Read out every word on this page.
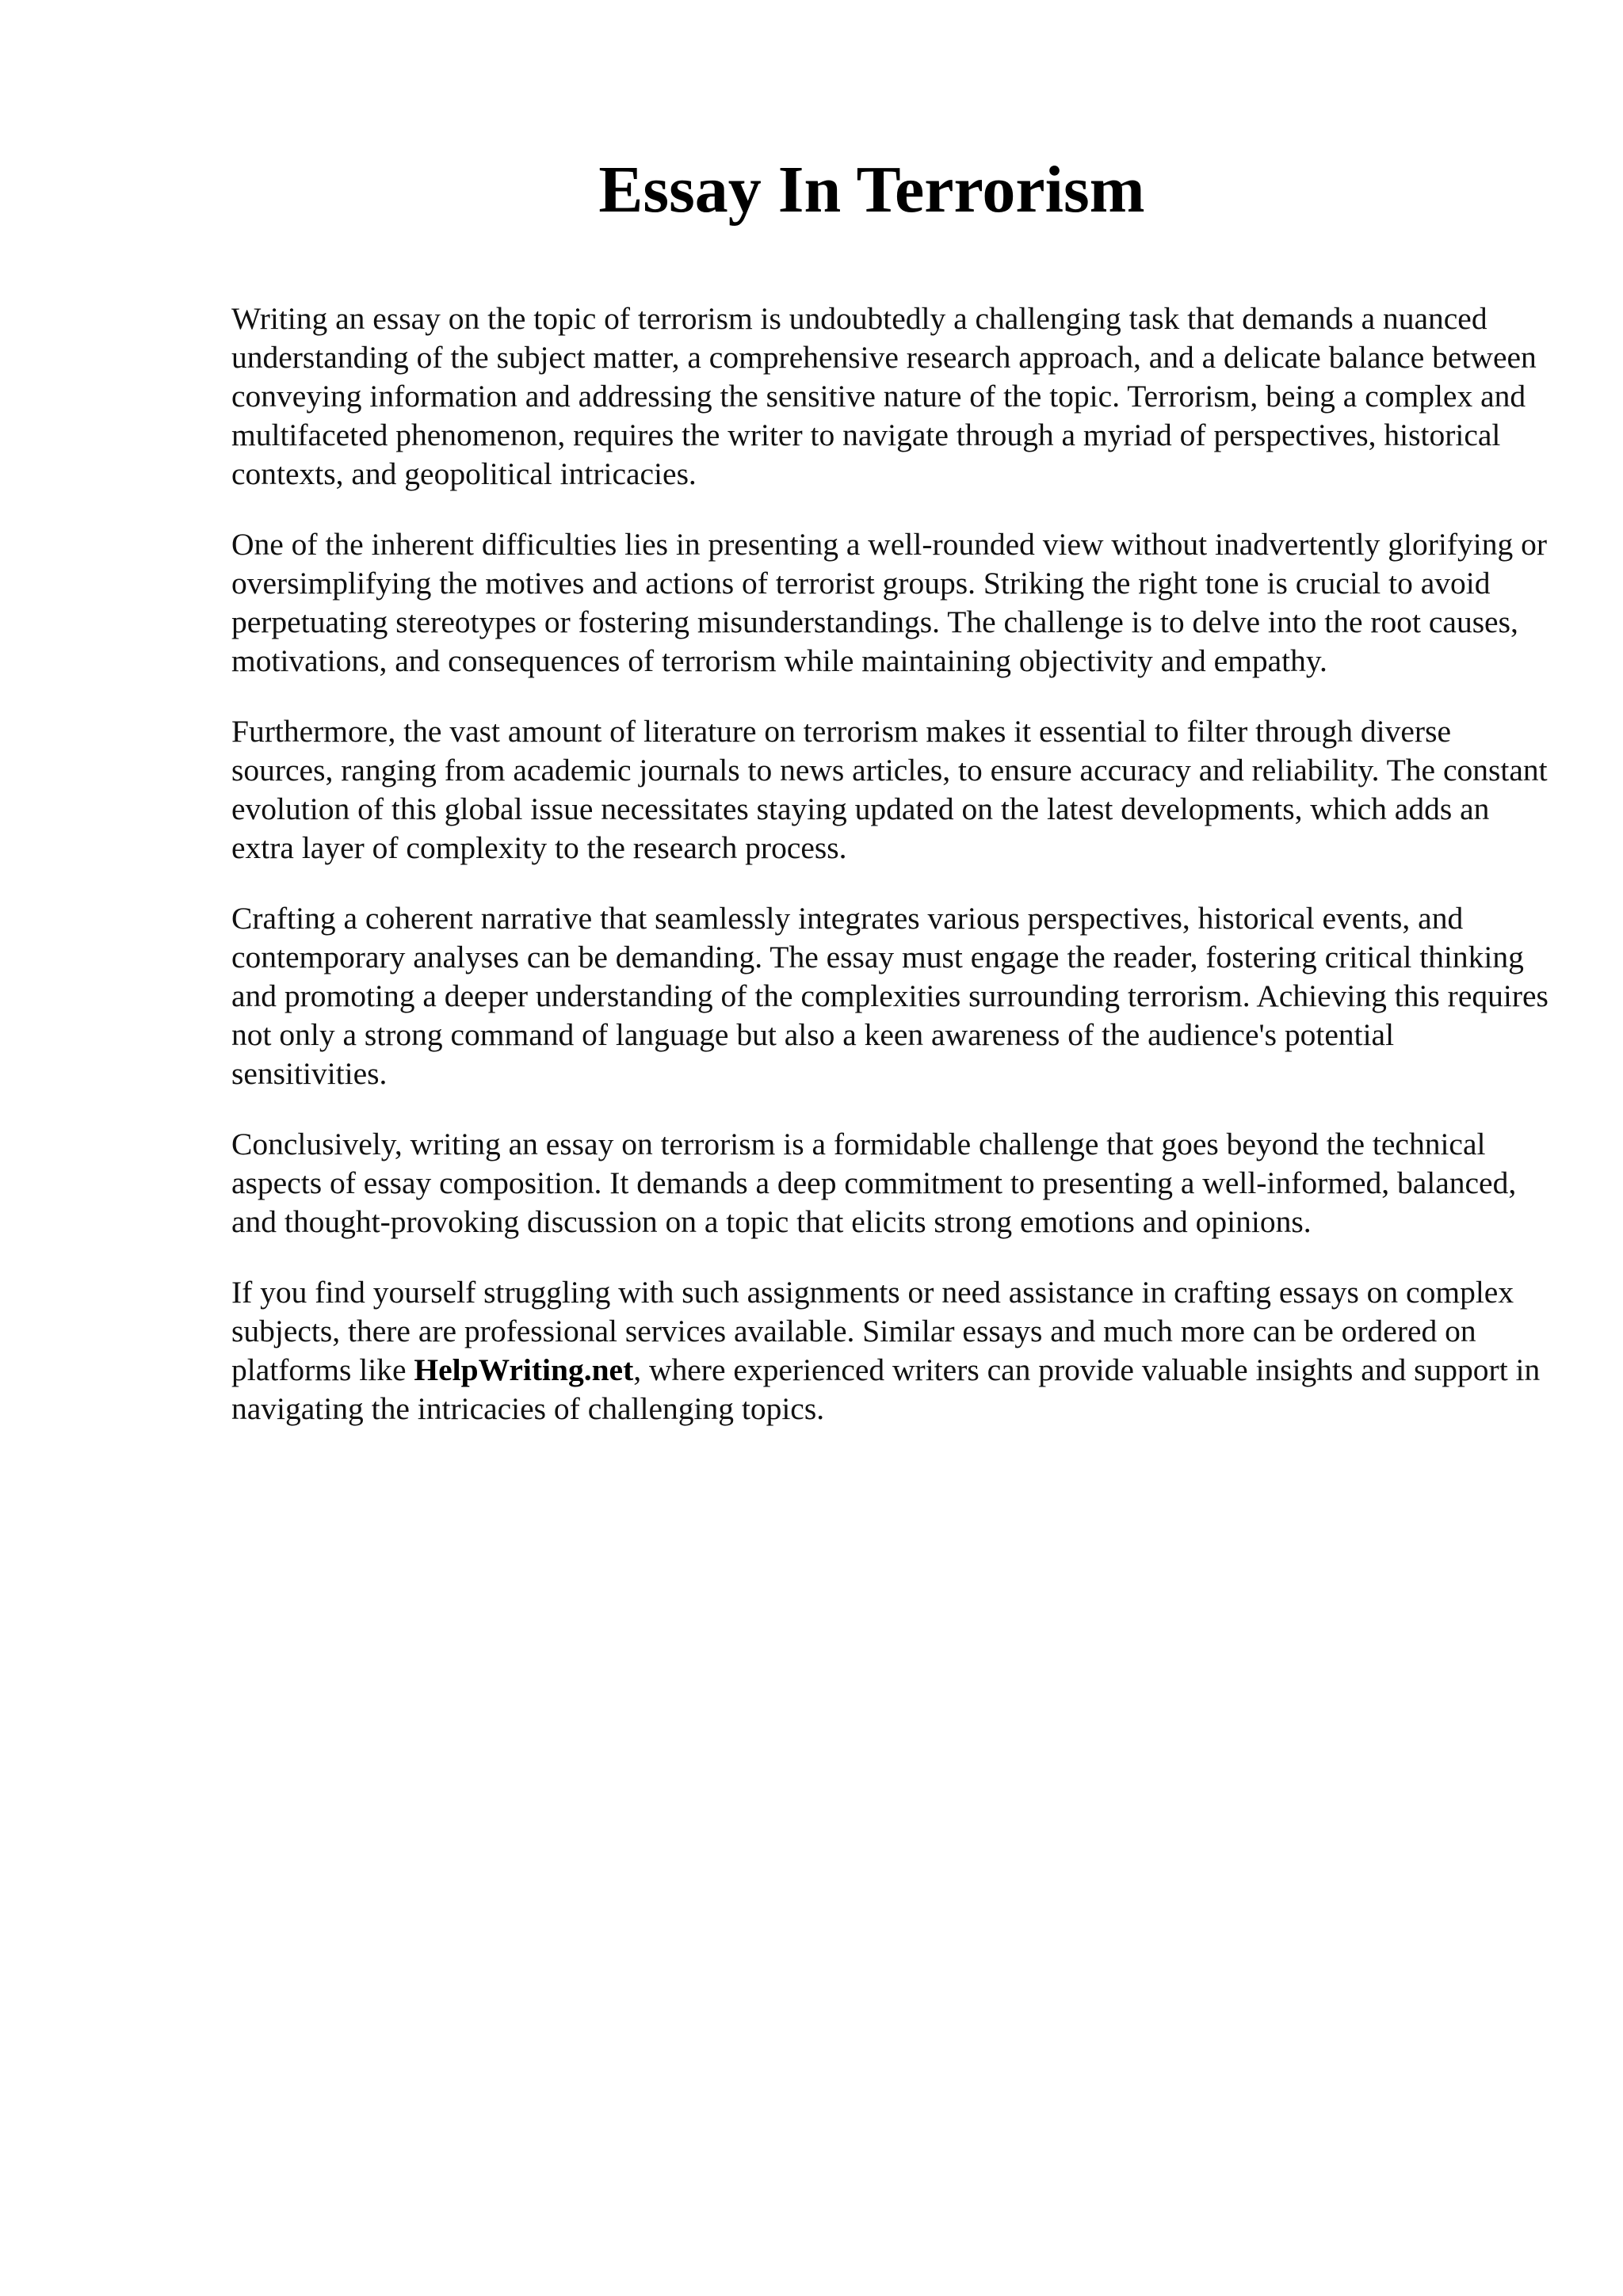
Essay In Terrorism

Writing an essay on the topic of terrorism is undoubtedly a challenging task that demands a nuanced understanding of the subject matter, a comprehensive research approach, and a delicate balance between conveying information and addressing the sensitive nature of the topic. Terrorism, being a complex and multifaceted phenomenon, requires the writer to navigate through a myriad of perspectives, historical contexts, and geopolitical intricacies.

One of the inherent difficulties lies in presenting a well-rounded view without inadvertently glorifying or oversimplifying the motives and actions of terrorist groups. Striking the right tone is crucial to avoid perpetuating stereotypes or fostering misunderstandings. The challenge is to delve into the root causes, motivations, and consequences of terrorism while maintaining objectivity and empathy.

Furthermore, the vast amount of literature on terrorism makes it essential to filter through diverse sources, ranging from academic journals to news articles, to ensure accuracy and reliability. The constant evolution of this global issue necessitates staying updated on the latest developments, which adds an extra layer of complexity to the research process.

Crafting a coherent narrative that seamlessly integrates various perspectives, historical events, and contemporary analyses can be demanding. The essay must engage the reader, fostering critical thinking and promoting a deeper understanding of the complexities surrounding terrorism. Achieving this requires not only a strong command of language but also a keen awareness of the audience's potential sensitivities.

Conclusively, writing an essay on terrorism is a formidable challenge that goes beyond the technical aspects of essay composition. It demands a deep commitment to presenting a well-informed, balanced, and thought-provoking discussion on a topic that elicits strong emotions and opinions.

If you find yourself struggling with such assignments or need assistance in crafting essays on complex subjects, there are professional services available. Similar essays and much more can be ordered on platforms like HelpWriting.net, where experienced writers can provide valuable insights and support in navigating the intricacies of challenging topics.
